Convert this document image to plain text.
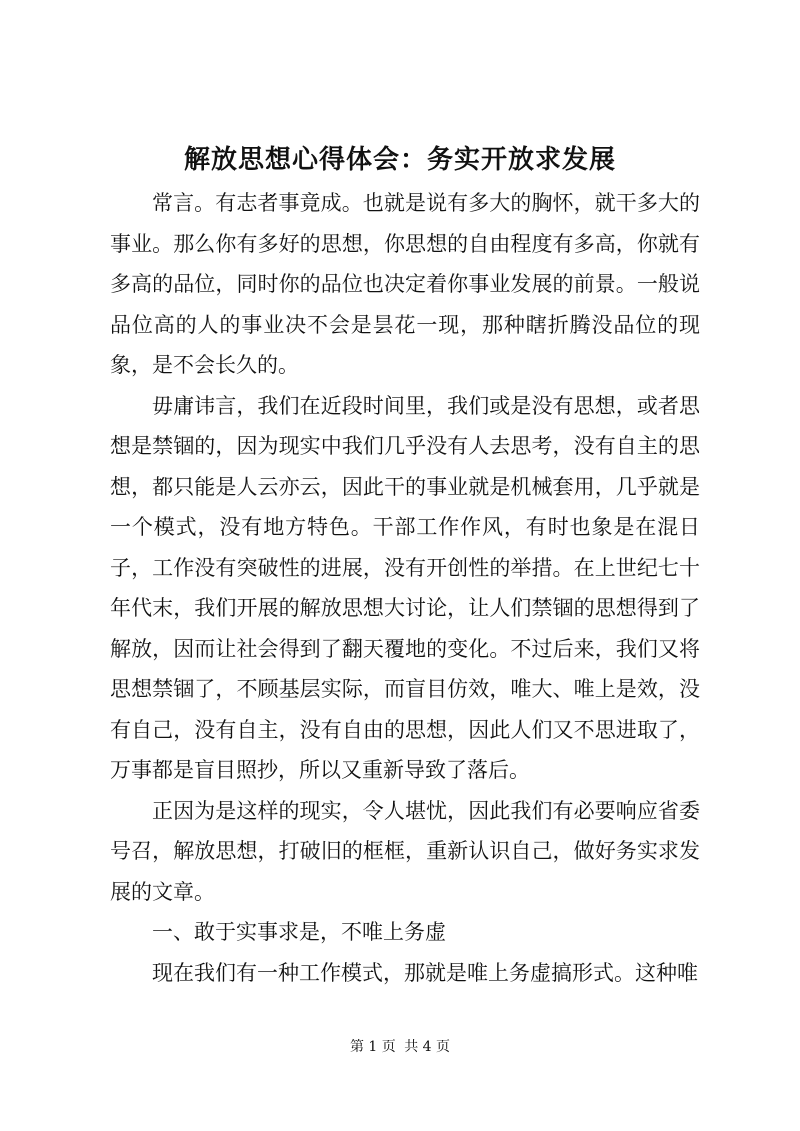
解放思想心得体会：务实开放求发展

常言。有志者事竟成。也就是说有多大的胸怀，就干多大的事业。那么你有多好的思想，你思想的自由程度有多高，你就有多高的品位，同时你的品位也决定着你事业发展的前景。一般说品位高的人的事业决不会是昙花一现，那种瞎折腾没品位的现象，是不会长久的。

毋庸讳言，我们在近段时间里，我们或是没有思想，或者思想是禁锢的，因为现实中我们几乎没有人去思考，没有自主的思想，都只能是人云亦云，因此干的事业就是机械套用，几乎就是一个模式，没有地方特色。干部工作作风，有时也象是在混日子，工作没有突破性的进展，没有开创性的举措。在上世纪七十年代末，我们开展的解放思想大讨论，让人们禁锢的思想得到了解放，因而让社会得到了翻天覆地的变化。不过后来，我们又将思想禁锢了，不顾基层实际，而盲目仿效，唯大、唯上是效，没有自己，没有自主，没有自由的思想，因此人们又不思进取了，万事都是盲目照抄，所以又重新导致了落后。

正因为是这样的现实，令人堪忧，因此我们有必要响应省委号召，解放思想，打破旧的框框，重新认识自己，做好务实求发展的文章。

一、敢于实事求是，不唯上务虚

现在我们有一种工作模式，那就是唯上务虚搞形式。这种唯

第 1 页 共 4 页
